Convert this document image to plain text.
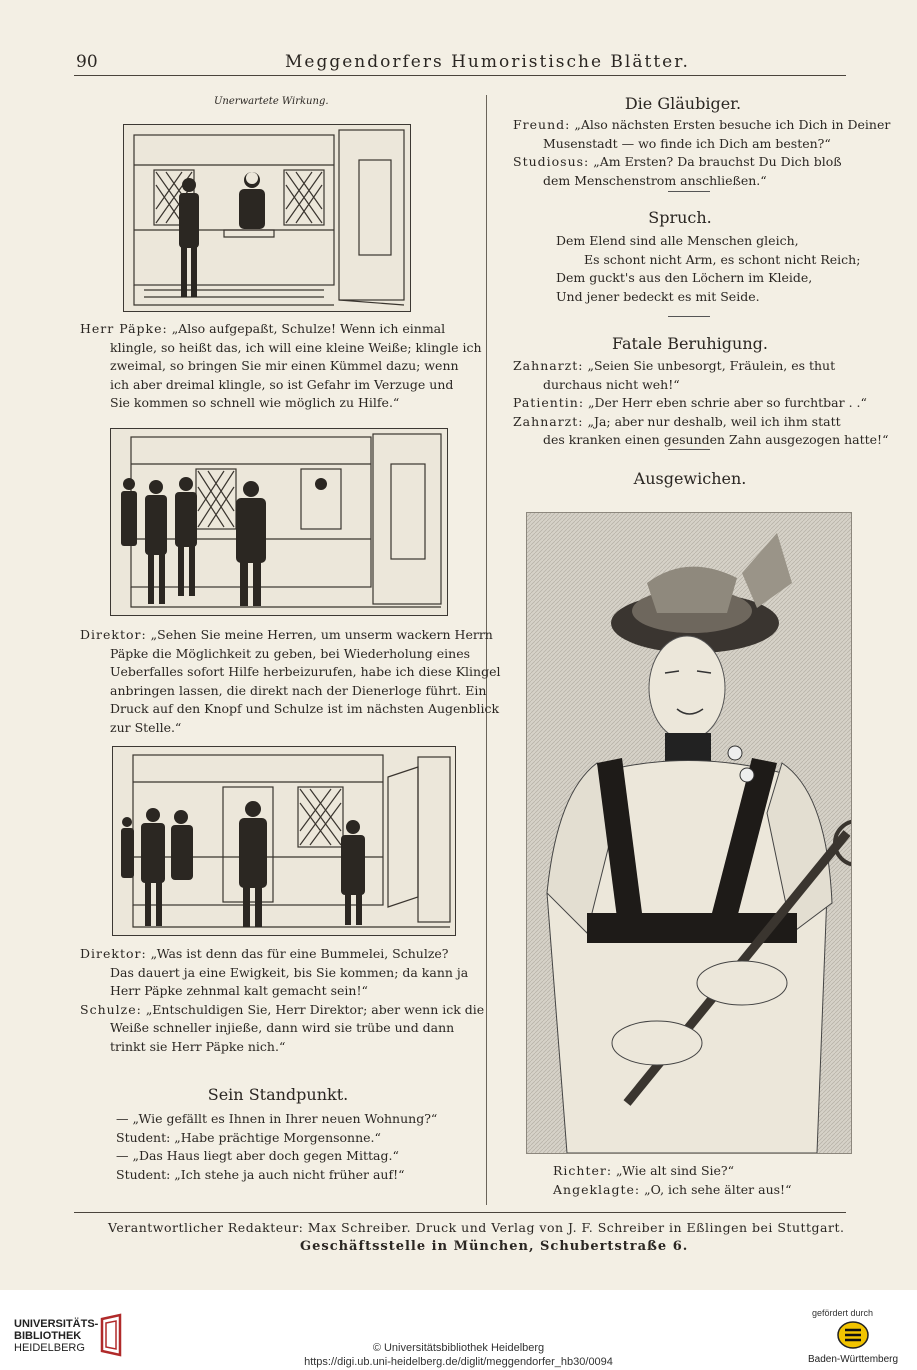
90	Meggendorfers Humoristische Blätter.
Unerwartete Wirkung.
Herr Päpke: „Also aufgepaßt, Schulze! Wenn ich einmal
klingle, so heißt das, ich will eine kleine Weiße; klingle ich
zweimal, so bringen Sie mir einen Kümmel dazu; wenn
ich aber dreimal klingle, so ist Gefahr im Verzuge und
Sie kommen so schnell wie möglich zu Hilfe.“
Direktor: „Sehen Sie meine Herren, um unserm wackern Herrn
Päpke die Möglichkeit zu geben, bei Wiederholung eines
Ueberfalles sofort Hilfe herbeizurufen, habe ich diese Klingel
anbringen lassen, die direkt nach der Dienerloge führt. Ein
Druck auf den Knopf und Schulze ist im nächsten Augenblick
zur Stelle.“
Direktor: „Was ist denn das für eine Bummelei, Schulze?
Das dauert ja eine Ewigkeit, bis Sie kommen; da kann ja
Herr Päpke zehnmal kalt gemacht sein!“
Schulze: „Entschuldigen Sie, Herr Direktor; aber wenn ick die
Weiße schneller injieße, dann wird sie trübe und dann
trinkt sie Herr Päpke nich.“
Sein Standpunkt.
— „Wie gefällt es Ihnen in Ihrer neuen Wohnung?“
Student: „Habe prächtige Morgensonne.“
— „Das Haus liegt aber doch gegen Mittag.“
Student: „Ich stehe ja auch nicht früher auf!“
Die Gläubiger.
Freund: „Also nächsten Ersten besuche ich Dich in Deiner
Musenstadt — wo finde ich Dich am besten?“
Studiosus: „Am Ersten? Da brauchst Du Dich bloß
dem Menschenstrom anschließen.“
Spruch.
Dem Elend sind alle Menschen gleich,
Es schont nicht Arm, es schont nicht Reich;
Dem guckt's aus den Löchern im Kleide,
Und jener bedeckt es mit Seide.
Fatale Beruhigung.
Zahnarzt: „Seien Sie unbesorgt, Fräulein, es thut
durchaus nicht weh!“
Patientin: „Der Herr eben schrie aber so furchtbar . .“
Zahnarzt: „Ja; aber nur deshalb, weil ich ihm statt
des kranken einen gesunden Zahn ausgezogen hatte!“
Ausgewichen.
Richter: „Wie alt sind Sie?“
Angeklagte: „O, ich sehe älter aus!“
Verantwortlicher Redakteur: Max Schreiber. Druck und Verlag von J. F. Schreiber in Eßlingen bei Stuttgart.
Geschäftsstelle in München, Schubertstraße 6.
UNIVERSITÄTS-
BIBLIOTHEK
HEIDELBERG	© Universitätsbibliothek Heidelberg
https://digi.ub.uni-heidelberg.de/diglit/meggendorfer_hb30/0094
gefördert durch
Baden-Württemberg
